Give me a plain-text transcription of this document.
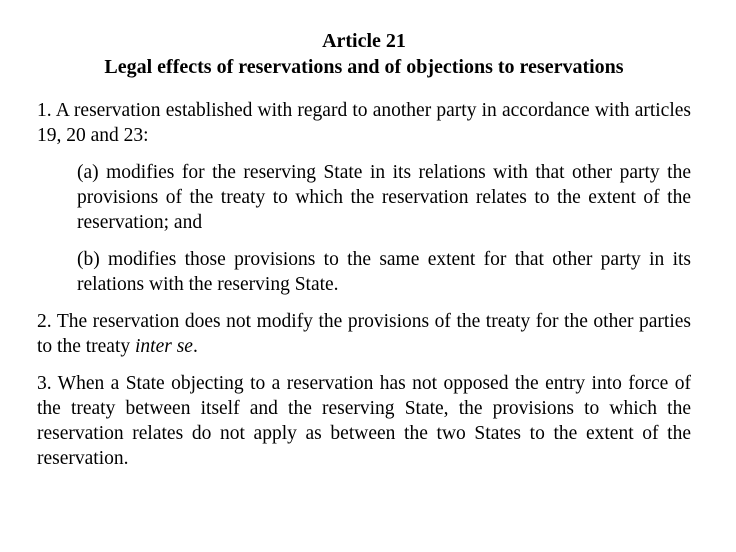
Article 21
Legal effects of reservations and of objections to reservations

1. A reservation established with regard to another party in accordance with articles 19, 20 and 23:

(a) modifies for the reserving State in its relations with that other party the provisions of the treaty to which the reservation relates to the extent of the reservation; and

(b) modifies those provisions to the same extent for that other party in its relations with the reserving State.

2. The reservation does not modify the provisions of the treaty for the other parties to the treaty inter se.

3. When a State objecting to a reservation has not opposed the entry into force of the treaty between itself and the reserving State, the provisions to which the reservation relates do not apply as between the two States to the extent of the reservation.
